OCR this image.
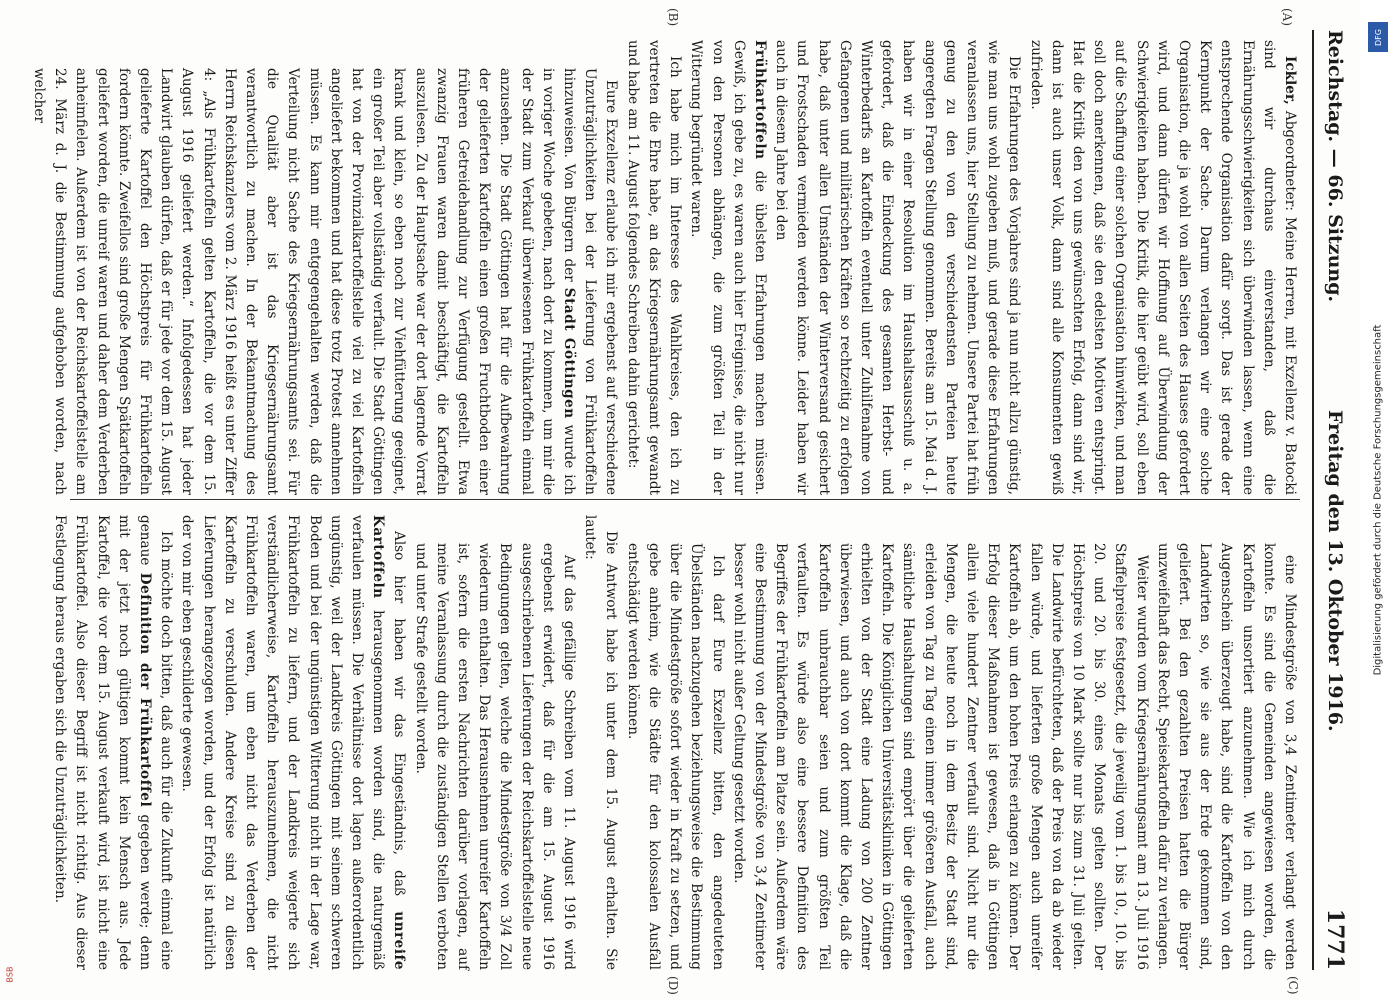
Reichstag. — 66. Sitzung.
Freitag den 13. Oktober 1916.
1771
(A)
(B)
(C)
(D)

Ickler, Abgeordneter: Meine Herren, mit Exzellenz v. Batocki sind wir durchaus einverstanden, daß die Ernährungsschwierigkeiten sich überwinden lassen, wenn eine entsprechende Organisation dafür sorgt. Das ist gerade der Kernpunkt der Sache. Darum verlangen wir eine solche Organisation, die ja wohl von allen Seiten des Hauses gefordert wird, und dann dürfen wir Hoffnung auf Überwindung der Schwierigkeiten haben. Die Kritik, die hier geübt wird, soll eben auf die Schaffung einer solchen Organisation hinwirken, und man soll doch anerkennen, daß sie den edelsten Motiven entspringt. Hat die Kritik den von uns gewünschten Erfolg, dann sind wir, dann ist auch unser Volk, dann sind alle Konsumenten gewiß zufrieden.

Die Erfahrungen des Vorjahres sind ja nun nicht allzu günstig, wie man uns wohl zugeben muß, und gerade diese Erfahrungen veranlassen uns, hier Stellung zu nehmen. Unsere Partei hat früh genug zu den von den verschiedensten Parteien heute angeregten Fragen Stellung genommen. Bereits am 15. Mai d. J. haben wir in einer Resolution im Haushaltsausschuß u. a. gefordert, daß die Eindeckung des gesamten Herbst- und Winterbedarfs an Kartoffeln eventuell unter Zuhilfenahme von Gefangenen und militärischen Kräften so rechtzeitig zu erfolgen habe, daß unter allen Umständen der Winterversand gesichert und Frostschaden vermieden werden könne. Leider haben wir auch in diesem Jahre bei den

Frühkartoffeln die übelsten Erfahrungen machen müssen. Gewiß, ich gebe zu, es waren auch hier Ereignisse, die nicht nur von den Personen abhängen, die zum größten Teil in der Witterung begründet waren.

Ich habe mich im Interesse des Wahlkreises, den ich zu vertreten die Ehre habe, an das Kriegsernährungsamt gewandt und habe am 11. August folgendes Schreiben dahin gerichtet:

Eure Exzellenz erlaube ich mir ergebenst auf verschiedene Unzuträglichkeiten bei der Lieferung von Frühkartoffeln hinzuweisen. Von Bürgern der Stadt Göttingen wurde ich in voriger Woche gebeten, nach dort zu kommen, um mir die der Stadt zum Verkauf überwiesenen Frühkartoffeln einmal anzusehen. Die Stadt Göttingen hat für die Aufbewahrung der gelieferten Kartoffeln einen großen Fruchtboden einer früheren Getreidehandlung zur Verfügung gestellt. Etwa zwanzig Frauen waren damit beschäftigt, die Kartoffeln auszulesen. Zu der Hauptsache war der dort lagernde Vorrat krank und klein, so eben noch zur Viehfütterung geeignet, ein großer Teil aber vollständig verfault. Die Stadt Göttingen hat von der Provinzialkartoffelstelle viel zu viel Kartoffeln angeliefert bekommen und hat diese trotz Protest annehmen müssen. Es kann mir entgegengehalten werden, daß die Verteilung nicht Sache des Kriegsernährungsamts sei. Für die Qualität aber ist das Kriegsernährungsamt verantwortlich zu machen. In der Bekanntmachung des Herrn Reichskanzlers vom 2. März 1916 heißt es unter Ziffer 4: „Als Frühkartoffeln gelten Kartoffeln, die vor dem 15. August 1916 geliefert werden.“ Infolgedessen hat jeder Landwirt glauben dürfen, daß er für jede vor dem 15. August gelieferte Kartoffel den Höchstpreis für Frühkartoffeln fordern könnte. Zweifellos sind große Mengen Spätkartoffeln geliefert worden, die unreif waren und daher dem Verderben anheimfielen. Außerdem ist von der Reichskartoffelstelle am 24. März d. J. die Bestimmung aufgehoben worden, nach welcher

eine Mindestgröße von 3,4 Zentimeter verlangt werden konnte. Es sind die Gemeinden angewiesen worden, die Kartoffeln unsortiert anzunehmen. Wie ich mich durch Augenschein überzeugt habe, sind die Kartoffeln von den Landwirten so, wie sie aus der Erde gekommen sind, geliefert. Bei den gezahlten Preisen hatten die Bürger unzweifelhaft das Recht, Speisekartoffeln dafür zu verlangen.

Weiter wurden vom Kriegsernährungsamt am 13. Juli 1916 Staffelpreise festgesetzt, die jeweilig vom 1. bis 10., 10. bis 20. und 20. bis 30. eines Monats gelten sollten. Der Höchstpreis von 10 Mark sollte nur bis zum 31. Juli gelten. Die Landwirte befürchteten, daß der Preis von da ab wieder fallen würde, und lieferten große Mengen auch unreifer Kartoffeln ab, um den hohen Preis erlangen zu können. Der Erfolg dieser Maßnahmen ist gewesen, daß in Göttingen allein viele hundert Zentner verfault sind. Nicht nur die Mengen, die heute noch in dem Besitz der Stadt sind, erleiden von Tag zu Tag einen immer größeren Ausfall, auch sämtliche Haushaltungen sind empört über die gelieferten Kartoffeln. Die Königlichen Universitätskliniken in Göttingen erhielten von der Stadt eine Ladung von 200 Zentner überwiesen, und auch von dort kommt die Klage, daß die Kartoffeln unbrauchbar seien und zum größten Teil verfaulten. Es würde also eine bessere Definition des Begriffes der Frühkartoffeln am Platze sein. Außerdem wäre eine Bestimmung von der Mindestgröße von 3,4 Zentimeter besser wohl nicht außer Geltung gesetzt worden.

Ich darf Eure Exzellenz bitten, den angedeuteten Übelständen nachzugehen beziehungsweise die Bestimmung über die Mindestgröße sofort wieder in Kraft zu setzen, und gebe anheim, wie die Städte für den kolossalen Ausfall entschädigt werden können.

Die Antwort habe ich unter dem 15. August erhalten. Sie lautet:

Auf das gefällige Schreiben vom 11. August 1916 wird ergebenst erwidert, daß für die am 15. August 1916 ausgeschriebenen Lieferungen der Reichskartoffelstelle neue Bedingungen gelten, welche die Mindestgröße von 3/4 Zoll wiederum enthalten. Das Herausnehmen unreifer Kartoffeln ist, sofern die ersten Nachrichten darüber vorlagen, auf meine Veranlassung durch die zuständigen Stellen verboten und unter Strafe gestellt worden.

Also hier haben wir das Eingeständnis, daß unreife Kartoffeln herausgenommen worden sind, die naturgemäß verfaulen müssen. Die Verhältnisse dort lagen außerordentlich ungünstig, weil der Landkreis Göttingen mit seinem schweren Boden und bei der ungünstigen Witterung nicht in der Lage war, Frühkartoffeln zu liefern, und der Landkreis weigerte sich verständlicherweise, Kartoffeln herauszunehmen, die nicht Frühkartoffeln waren, um eben nicht das Verderben der Kartoffeln zu verschulden. Andere Kreise sind zu diesen Lieferungen herangezogen worden, und der Erfolg ist natürlich der von mir eben geschilderte gewesen.

Ich möchte doch bitten, daß auch für die Zukunft einmal eine genaue Definition der Frühkartoffel gegeben werde; denn mit der jetzt noch gültigen kommt kein Mensch aus. Jede Kartoffel, die vor dem 15. August verkauft wird, ist nicht eine Frühkartoffel. Also dieser Begriff ist nicht richtig. Aus dieser Festlegung heraus ergaben sich die Unzuträglichkeiten.

Digitalisierung gefördert durch die Deutsche Forschungsgemeinschaft
DFG
BSB
